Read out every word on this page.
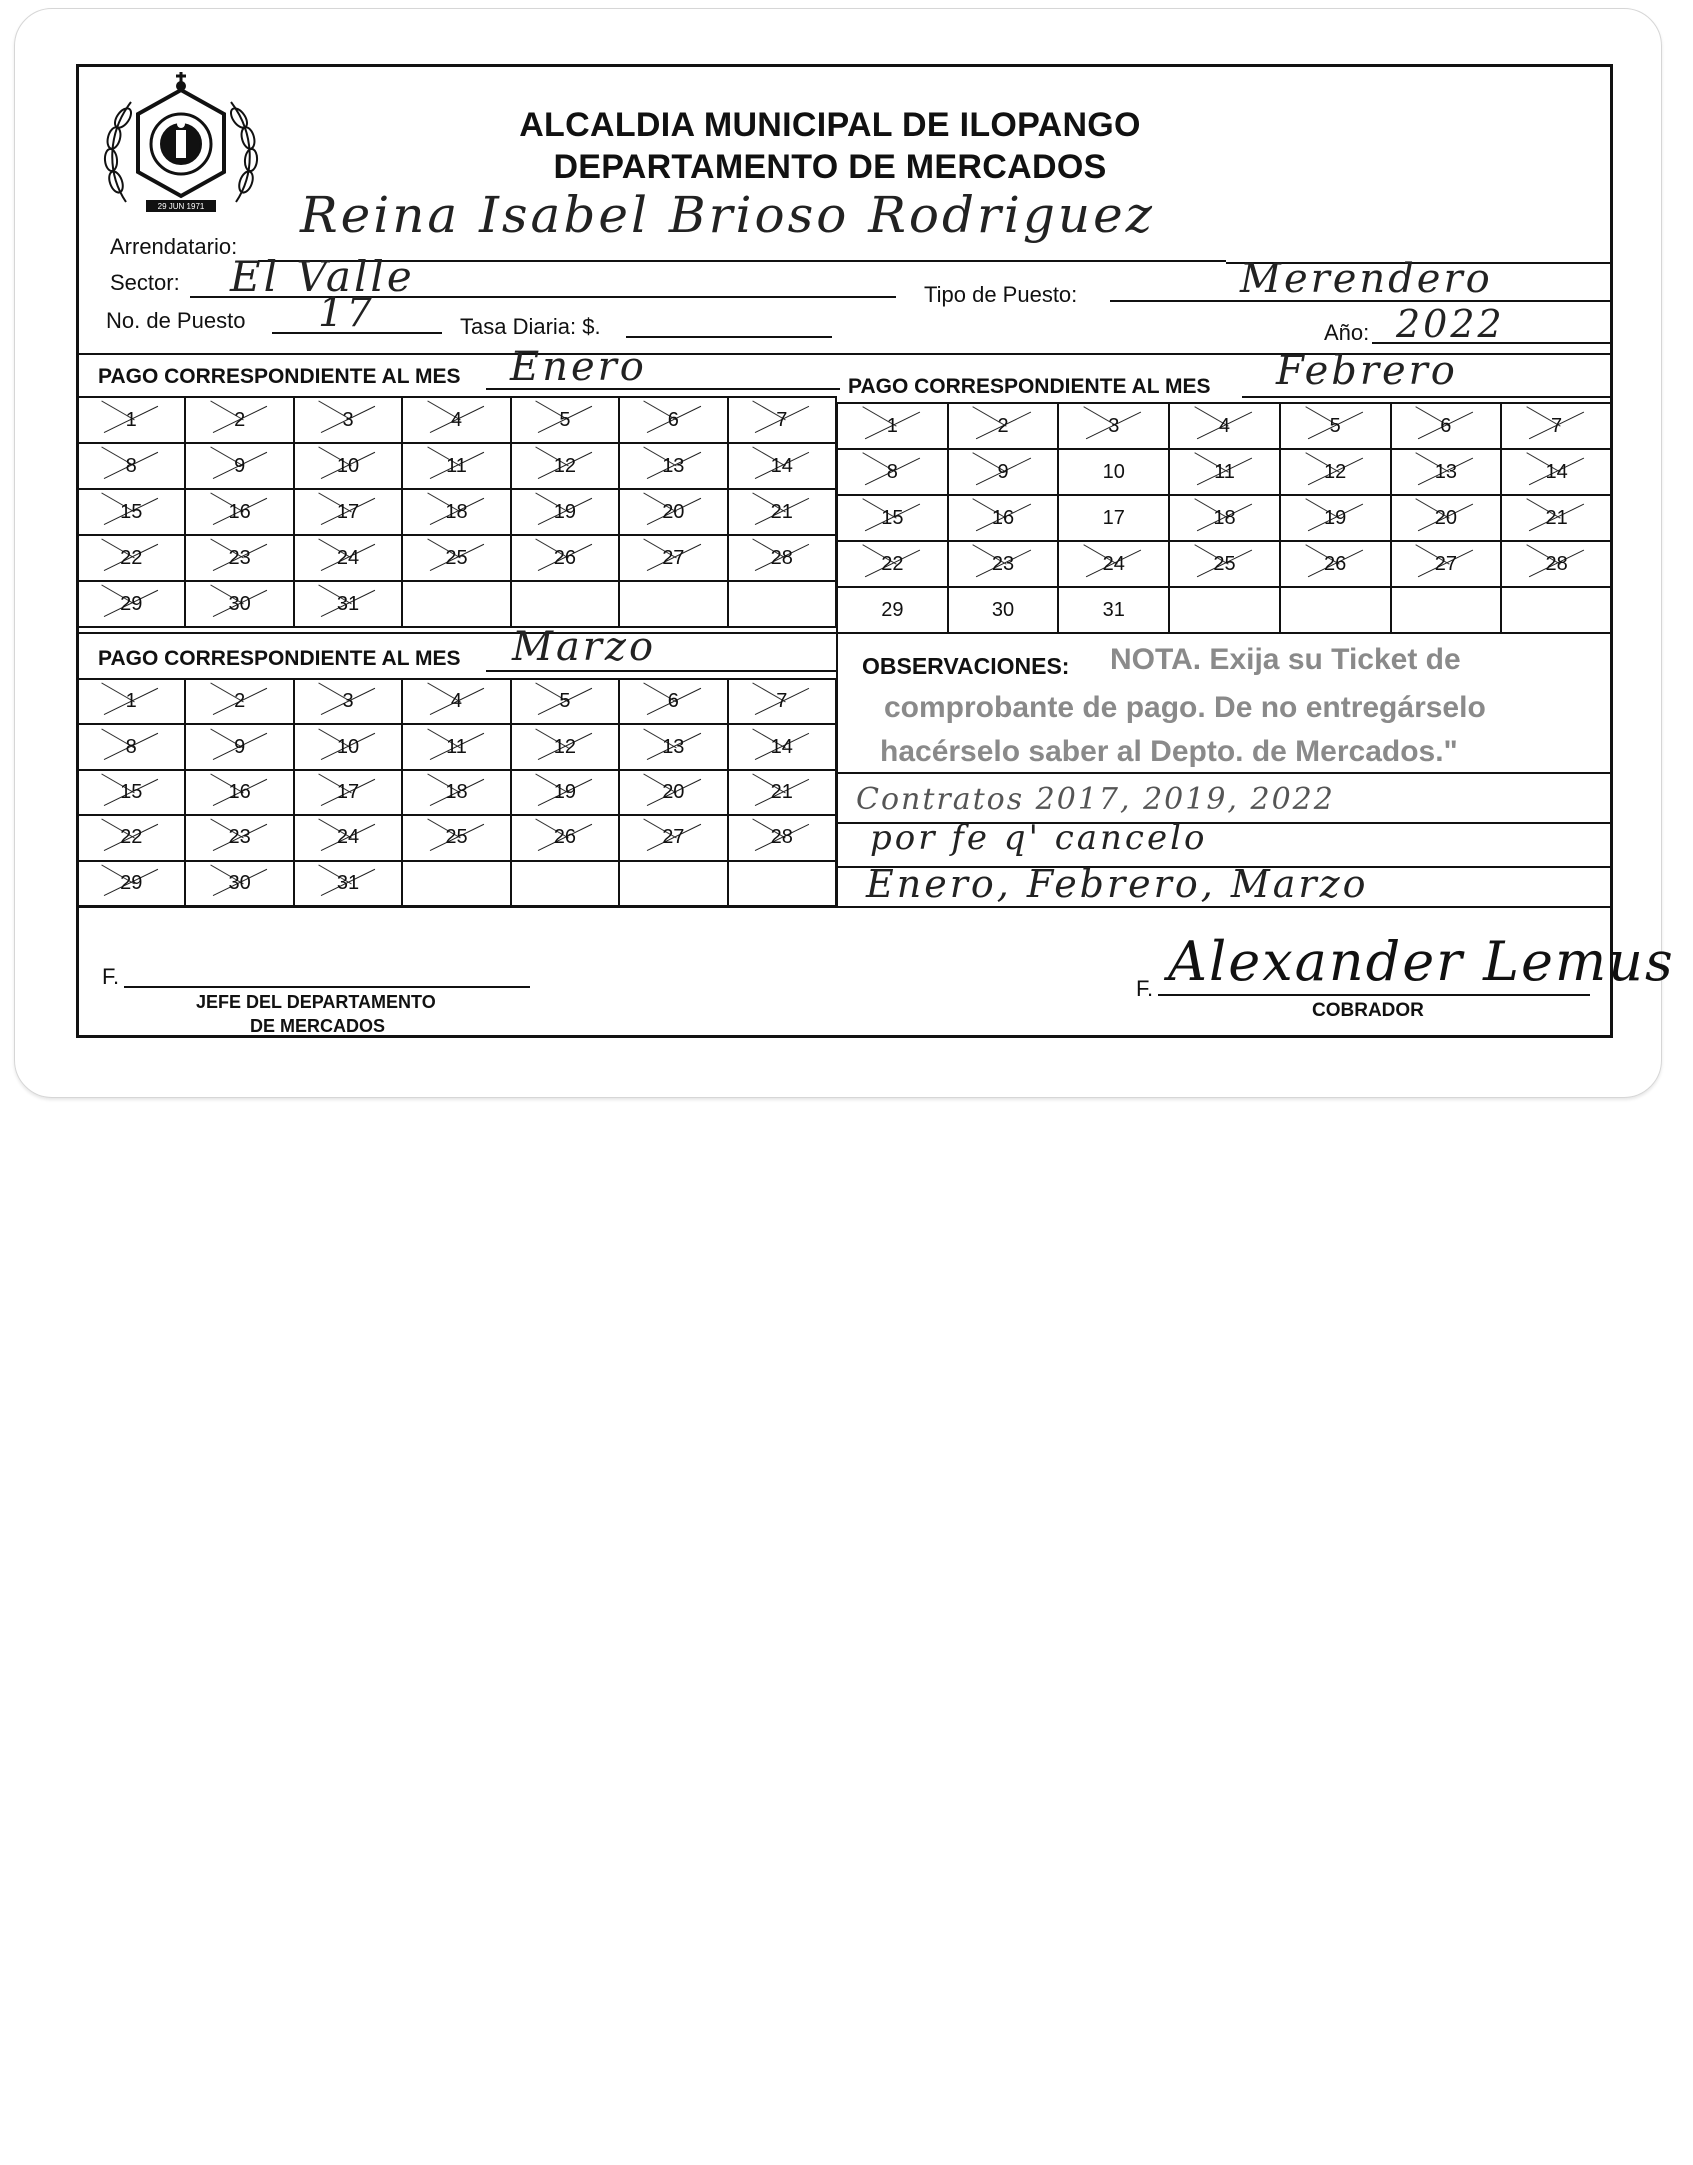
29 JUN 1971
ALCALDIA MUNICIPAL DE ILOPANGO
DEPARTAMENTO DE MERCADOS
Arrendatario:
Reina Isabel Brioso Rodriguez
Sector: El Valle	Tipo de Puesto:	Merendero
No. de Puesto 17	Tasa Diaria: $.	Año: 2022
PAGO CORRESPONDIENTE AL MES Enero	PAGO CORRESPONDIENTE AL MES Febrero
1	2	3	4	5	6	7
8	9	10	11	12	13	14
15	16	17	18	19	20	21
22	23	24	25	26	27	28
29	30	31				
1	2	3	4	5	6	7
8	9	10	11	12	13	14
15	16	17	18	19	20	21
22	23	24	25	26	27	28
29	30	31				
PAGO CORRESPONDIENTE AL MES Marzo
1	2	3	4	5	6	7
8	9	10	11	12	13	14
15	16	17	18	19	20	21
22	23	24	25	26	27	28
29	30	31				
OBSERVACIONES: NOTA. Exija su Ticket de
comprobante de pago. De no entregárselo
hacérselo saber al Depto. de Mercados."
Contratos 2017, 2019, 2022
por fe q' cancelo
Enero, Febrero, Marzo
F.
JEFE DEL DEPARTAMENTO
DE MERCADOS
F. Alexander Lemus
COBRADOR
